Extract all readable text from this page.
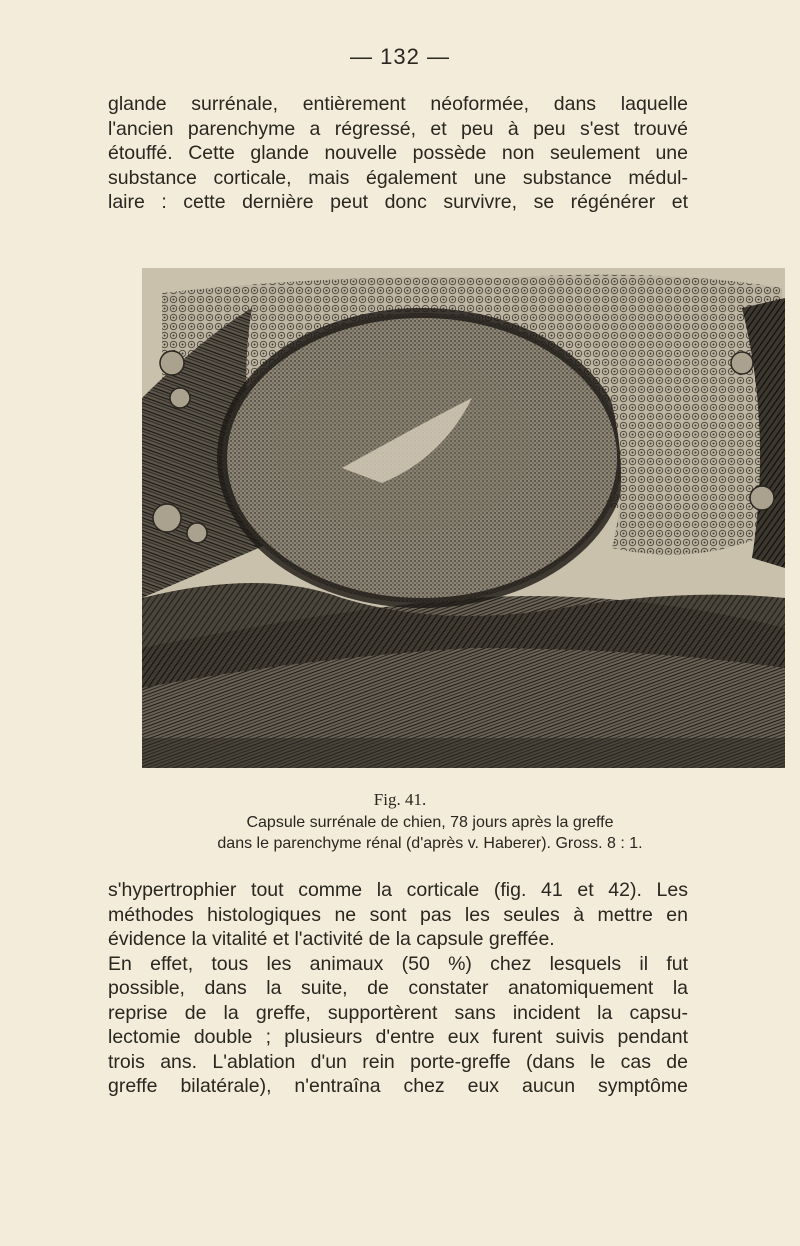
— 132 —
glande surrénale, entièrement néoformée, dans laquelle
l'ancien parenchyme a régressé, et peu à peu s'est trouvé
étouffé. Cette glande nouvelle possède non seulement une
substance corticale, mais également une substance médul-
laire : cette dernière peut donc survivre, se régénérer et
Fig. 41.
Capsule surrénale de chien, 78 jours après la greffe
dans le parenchyme rénal (d'après v. Haberer). Gross. 8 : 1.
s'hypertrophier tout comme la corticale (fig. 41 et 42). Les
méthodes histologiques ne sont pas les seules à mettre en
évidence la vitalité et l'activité de la capsule greffée.
En effet, tous les animaux (50 %) chez lesquels il fut
possible, dans la suite, de constater anatomiquement la
reprise de la greffe, supportèrent sans incident la capsu-
lectomie double ; plusieurs d'entre eux furent suivis pendant
trois ans. L'ablation d'un rein porte-greffe (dans le cas de
greffe bilatérale), n'entraîna chez eux aucun symptôme
